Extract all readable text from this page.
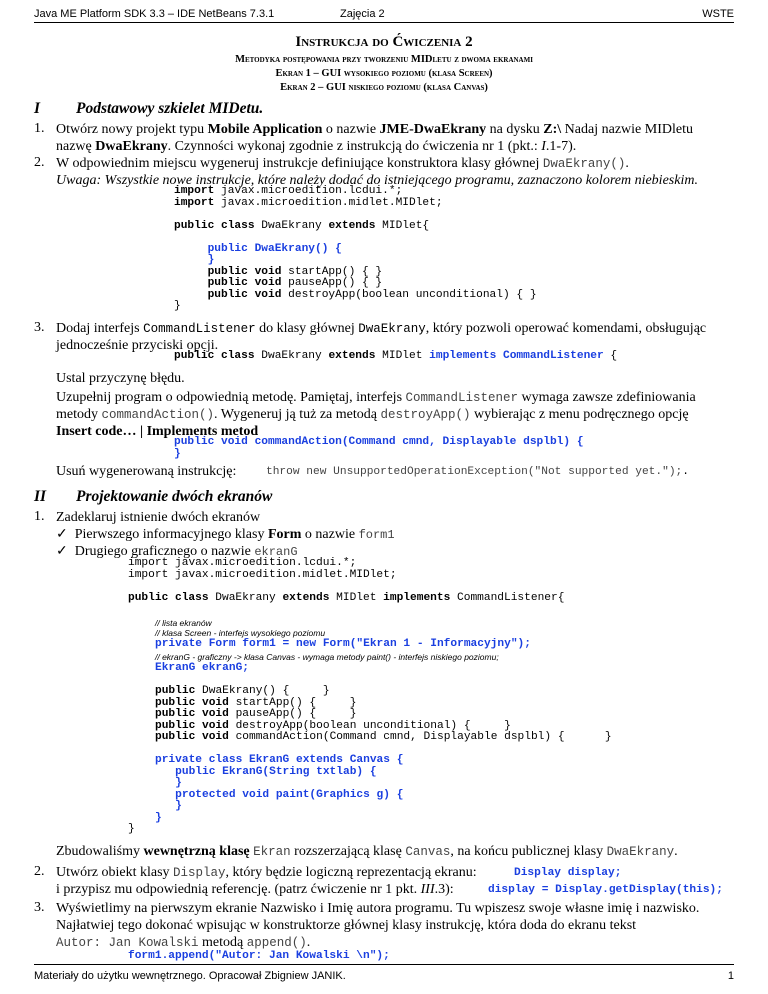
Java ME Platform SDK 3.3 – IDE NetBeans 7.3.1	Zajęcia 2	WSTE
Instrukcja do Ćwiczenia 2
Metodyka postępowania przy tworzeniu MIDletu z dwoma ekranami
Ekran 1 – GUI wysokiego poziomu (klasa Screen)
Ekran 2 – GUI niskiego poziomu (klasa Canvas)
I Podstawowy szkielet MIDetu.
1. Otwórz nowy projekt typu Mobile Application o nazwie JME-DwaEkrany na dysku Z:\ Nadaj nazwie MIDletu
nazwę DwaEkrany. Czynności wykonaj zgodnie z instrukcją do ćwiczenia nr 1 (pkt.: I.1-7).
2. W odpowiednim miejscu wygeneruj instrukcje definiujące konstruktora klasy głównej DwaEkrany().
Uwaga: Wszystkie nowe instrukcje, które należy dodać do istniejącego programu, zaznaczono kolorem niebieskim.
import javax.microedition.lcdui.*;
import javax.microedition.midlet.MIDlet;

public class DwaEkrany extends MIDlet{

public DwaEkrany() {
}
public void startApp() { }
public void pauseApp() { }
public void destroyApp(boolean unconditional) { }
}
3. Dodaj interfejs CommandListener do klasy głównej DwaEkrany, który pozwoli operować komendami, obsługując
jednocześnie przyciski opcji.
public class DwaEkrany extends MIDlet implements CommandListener {
Ustal przyczynę błędu.
Uzupełnij program o odpowiednią metodę. Pamiętaj, interfejs CommandListener wymaga zawsze zdefiniowania
metody commandAction(). Wygeneruj ją tuż za metodą destroyApp() wybierając z menu podręcznego opcję
Insert code… | Implements metod
public void commandAction(Command cmnd, Displayable dsplbl) {
}
Usuń wygenerowaną instrukcję:	throw new UnsupportedOperationException("Not supported yet.");.
II Projektowanie dwóch ekranów
1. Zadeklaruj istnienie dwóch ekranów
✓ Pierwszego informacyjnego klasy Form o nazwie form1
✓ Drugiego graficznego o nazwie ekranG
import javax.microedition.lcdui.*;
import javax.microedition.midlet.MIDlet;

public class DwaEkrany extends MIDlet implements CommandListener{
// lista ekranów
// klasa Screen - interfejs wysokiego poziomu
private Form form1 = new Form("Ekran 1 - Informacyjny");
// ekranG - graficzny -> klasa Canvas - wymaga metody paint() - interfejs niskiego poziomu;
EkranG ekranG;
public DwaEkrany() {     }
public void startApp() {     }
public void pauseApp() {     }
public void destroyApp(boolean unconditional) {     }
public void commandAction(Command cmnd, Displayable dsplbl) {      }
private class EkranG extends Canvas {
public EkranG(String txtlab) {
}
protected void paint(Graphics g) {
}
}
}
Zbudowaliśmy wewnętrzną klasę Ekran rozszerzającą klasę Canvas, na końcu publicznej klasy DwaEkrany.
2. Utwórz obiekt klasy Display, który będzie logiczną reprezentacją ekranu:	Display display;
i przypisz mu odpowiednią referencję. (patrz ćwiczenie nr 1 pkt. III.3):	display = Display.getDisplay(this);
3. Wyświetlimy na pierwszym ekranie Nazwisko i Imię autora programu. Tu wpiszesz swoje własne imię i nazwisko.
Najłatwiej tego dokonać wpisując w konstruktorze głównej klasy instrukcję, która doda do ekranu tekst
Autor: Jan Kowalski metodą append().
form1.append("Autor: Jan Kowalski \n");
Materiały do użytku wewnętrznego. Opracował Zbigniew JANIK.	1
